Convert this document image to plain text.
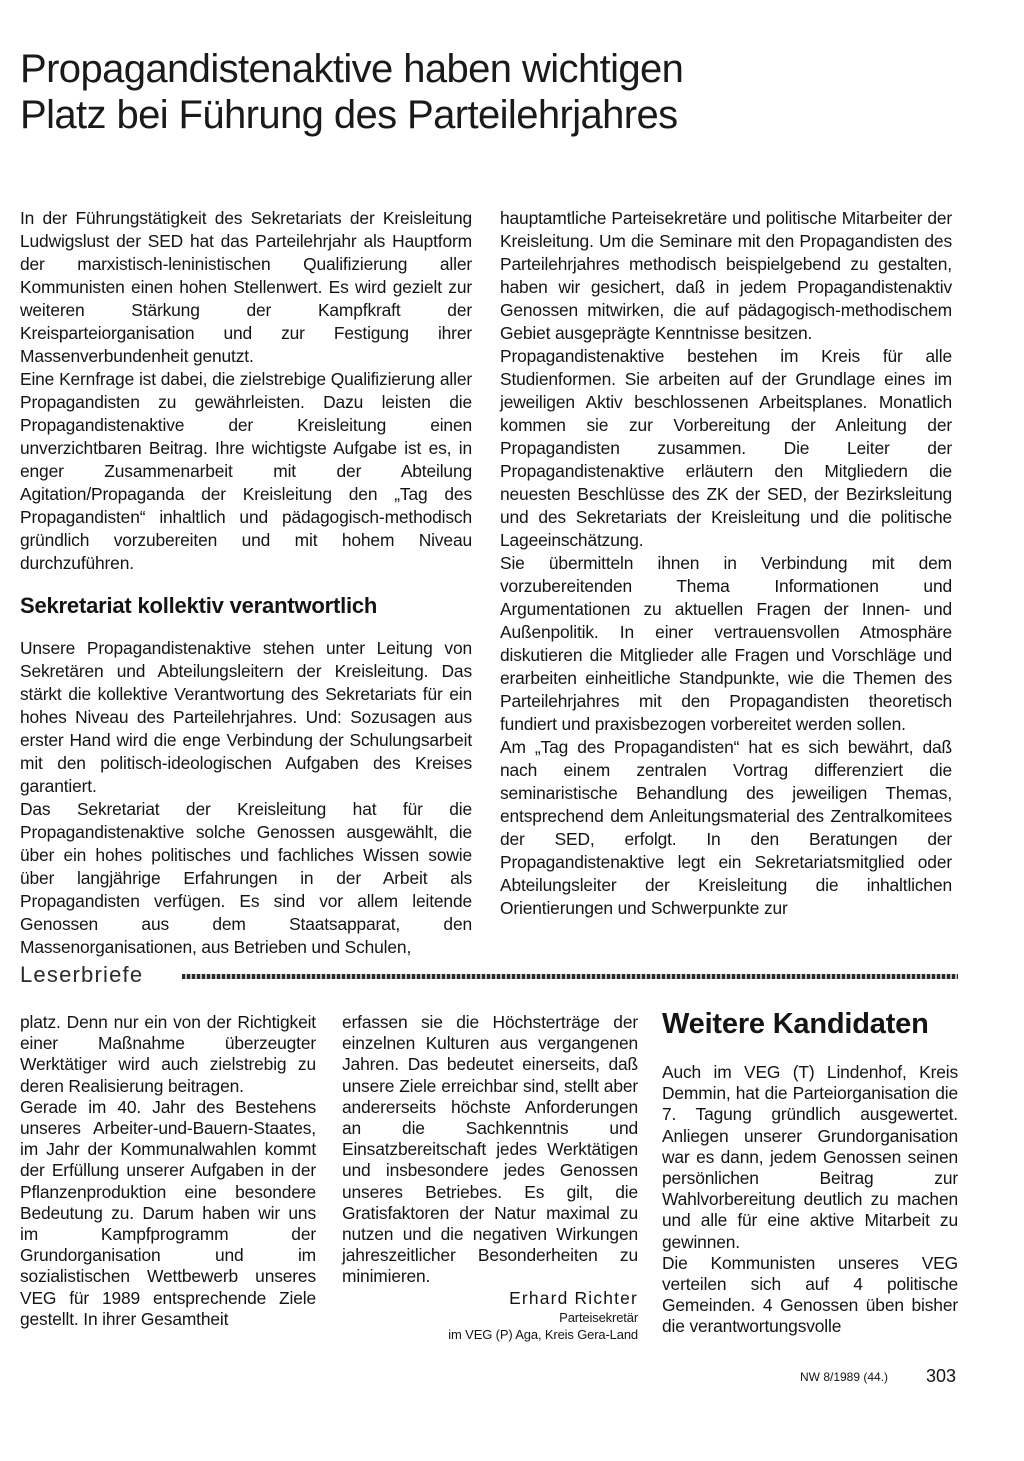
Propagandistenaktive haben wichtigen
Platz bei Führung des Parteilehrjahres

In der Führungstätigkeit des Sekretariats der Kreisleitung Ludwigslust der SED hat das Parteilehrjahr als Hauptform der marxistisch-leninistischen Qualifizierung aller Kommunisten einen hohen Stellenwert. Es wird gezielt zur weiteren Stärkung der Kampfkraft der Kreisparteiorganisation und zur Festigung ihrer Massenverbundenheit genutzt.

Eine Kernfrage ist dabei, die zielstrebige Qualifizierung aller Propagandisten zu gewährleisten. Dazu leisten die Propagandistenaktive der Kreisleitung einen unverzichtbaren Beitrag. Ihre wichtigste Aufgabe ist es, in enger Zusammenarbeit mit der Abteilung Agitation/Propaganda der Kreisleitung den „Tag des Propagandisten“ inhaltlich und pädagogisch-methodisch gründlich vorzubereiten und mit hohem Niveau durchzuführen.

Sekretariat kollektiv verantwortlich

Unsere Propagandistenaktive stehen unter Leitung von Sekretären und Abteilungsleitern der Kreisleitung. Das stärkt die kollektive Verantwortung des Sekretariats für ein hohes Niveau des Parteilehrjahres. Und: Sozusagen aus erster Hand wird die enge Verbindung der Schulungsarbeit mit den politisch-ideologischen Aufgaben des Kreises garantiert.

Das Sekretariat der Kreisleitung hat für die Propagandistenaktive solche Genossen ausgewählt, die über ein hohes politisches und fachliches Wissen sowie über langjährige Erfahrungen in der Arbeit als Propagandisten verfügen. Es sind vor allem leitende Genossen aus dem Staatsapparat, den Massenorganisationen, aus Betrieben und Schulen,

hauptamtliche Parteisekretäre und politische Mitarbeiter der Kreisleitung. Um die Seminare mit den Propagandisten des Parteilehrjahres methodisch beispielgebend zu gestalten, haben wir gesichert, daß in jedem Propagandistenaktiv Genossen mitwirken, die auf pädagogisch-methodischem Gebiet ausgeprägte Kenntnisse besitzen.

Propagandistenaktive bestehen im Kreis für alle Studienformen. Sie arbeiten auf der Grundlage eines im jeweiligen Aktiv beschlossenen Arbeitsplanes. Monatlich kommen sie zur Vorbereitung der Anleitung der Propagandisten zusammen. Die Leiter der Propagandistenaktive erläutern den Mitgliedern die neuesten Beschlüsse des ZK der SED, der Bezirksleitung und des Sekretariats der Kreisleitung und die politische Lageeinschätzung.

Sie übermitteln ihnen in Verbindung mit dem vorzubereitenden Thema Informationen und Argumentationen zu aktuellen Fragen der Innen- und Außenpolitik. In einer vertrauensvollen Atmosphäre diskutieren die Mitglieder alle Fragen und Vorschläge und erarbeiten einheitliche Standpunkte, wie die Themen des Parteilehrjahres mit den Propagandisten theoretisch fundiert und praxisbezogen vorbereitet werden sollen.

Am „Tag des Propagandisten“ hat es sich bewährt, daß nach einem zentralen Vortrag differenziert die seminaristische Behandlung des jeweiligen Themas, entsprechend dem Anleitungsmaterial des Zentralkomitees der SED, erfolgt. In den Beratungen der Propagandistenaktive legt ein Sekretariatsmitglied oder Abteilungsleiter der Kreisleitung die inhaltlichen Orientierungen und Schwerpunkte zur

Leserbriefe

platz. Denn nur ein von der Richtigkeit einer Maßnahme überzeugter Werktätiger wird auch zielstrebig zu deren Realisierung beitragen.

Gerade im 40. Jahr des Bestehens unseres Arbeiter-und-Bauern-Staates, im Jahr der Kommunalwahlen kommt der Erfüllung unserer Aufgaben in der Pflanzenproduktion eine besondere Bedeutung zu. Darum haben wir uns im Kampfprogramm der Grundorganisation und im sozialistischen Wettbewerb unseres VEG für 1989 entsprechende Ziele gestellt. In ihrer Gesamtheit

erfassen sie die Höchsterträge der einzelnen Kulturen aus vergangenen Jahren. Das bedeutet einerseits, daß unsere Ziele erreichbar sind, stellt aber andererseits höchste Anforderungen an die Sachkenntnis und Einsatzbereitschaft jedes Werktätigen und insbesondere jedes Genossen unseres Betriebes. Es gilt, die Gratisfaktoren der Natur maximal zu nutzen und die negativen Wirkungen jahreszeitlicher Besonderheiten zu minimieren.

Erhard Richter

Parteisekretär

im VEG (P) Aga, Kreis Gera-Land

Weitere Kandidaten

Auch im VEG (T) Lindenhof, Kreis Demmin, hat die Parteiorganisation die 7. Tagung gründlich ausgewertet. Anliegen unserer Grundorganisation war es dann, jedem Genossen seinen persönlichen Beitrag zur Wahlvorbereitung deutlich zu machen und alle für eine aktive Mitarbeit zu gewinnen.

Die Kommunisten unseres VEG verteilen sich auf 4 politische Gemeinden. 4 Genossen üben bisher die verantwortungsvolle

NW 8/1989 (44.) 303
